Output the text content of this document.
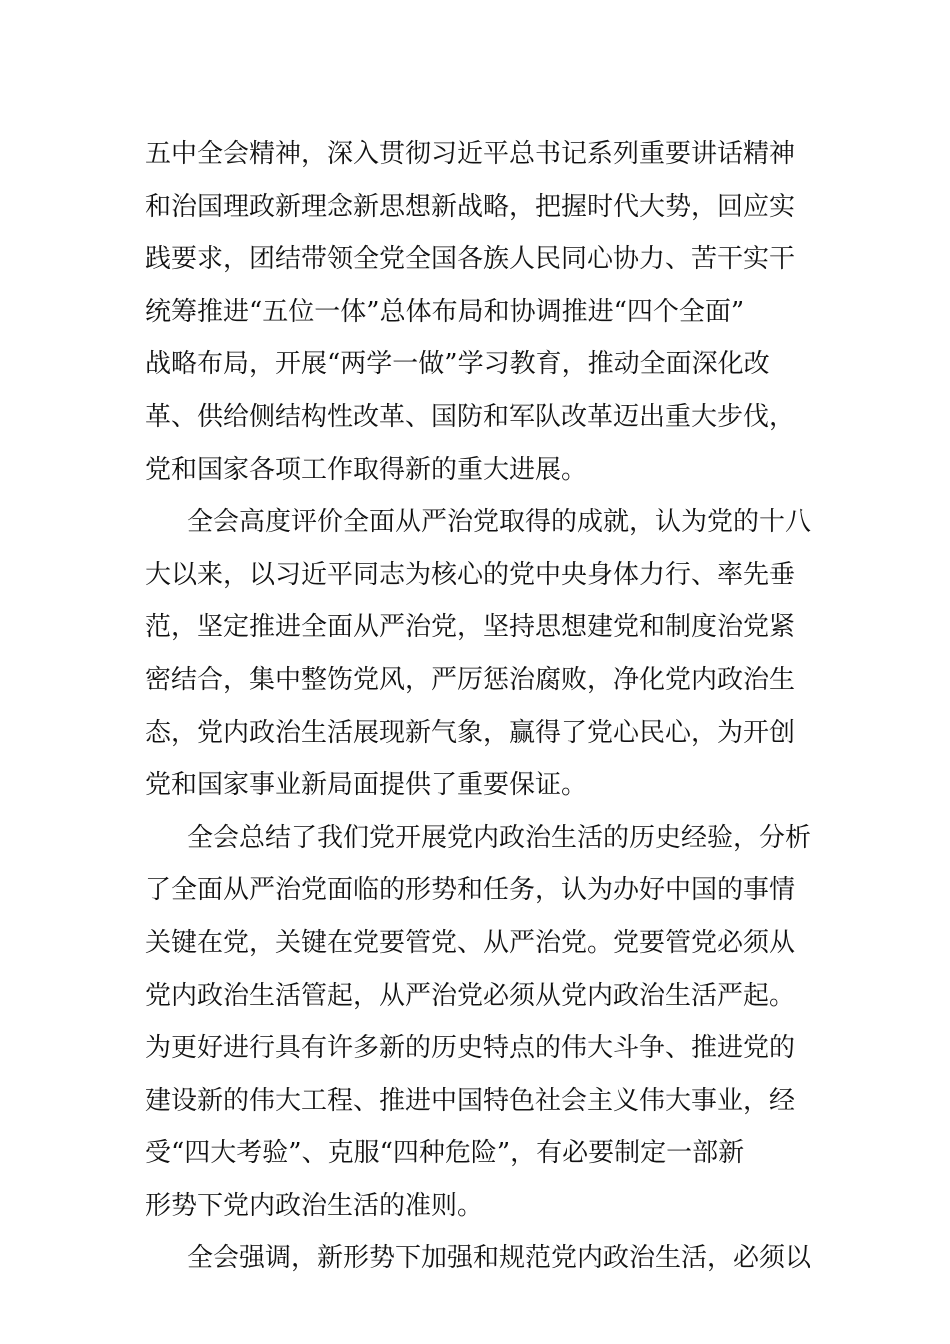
五中全会精神，深入贯彻习近平总书记系列重要讲话精神
和治国理政新理念新思想新战略，把握时代大势，回应实
践要求，团结带领全党全国各族人民同心协力、苦干实干
统筹推进“五位一体”总体布局和协调推进“四个全面”
战略布局，开展“两学一做”学习教育，推动全面深化改
革、供给侧结构性改革、国防和军队改革迈出重大步伐，
党和国家各项工作取得新的重大进展。
全会高度评价全面从严治党取得的成就，认为党的十八
大以来，以习近平同志为核心的党中央身体力行、率先垂
范，坚定推进全面从严治党，坚持思想建党和制度治党紧
密结合，集中整饬党风，严厉惩治腐败，净化党内政治生
态，党内政治生活展现新气象，赢得了党心民心，为开创
党和国家事业新局面提供了重要保证。
全会总结了我们党开展党内政治生活的历史经验，分析
了全面从严治党面临的形势和任务，认为办好中国的事情
关键在党，关键在党要管党、从严治党。党要管党必须从
党内政治生活管起，从严治党必须从党内政治生活严起。
为更好进行具有许多新的历史特点的伟大斗争、推进党的
建设新的伟大工程、推进中国特色社会主义伟大事业，经
受“四大考验”、克服“四种危险”，有必要制定一部新
形势下党内政治生活的准则。
全会强调，新形势下加强和规范党内政治生活，必须以
